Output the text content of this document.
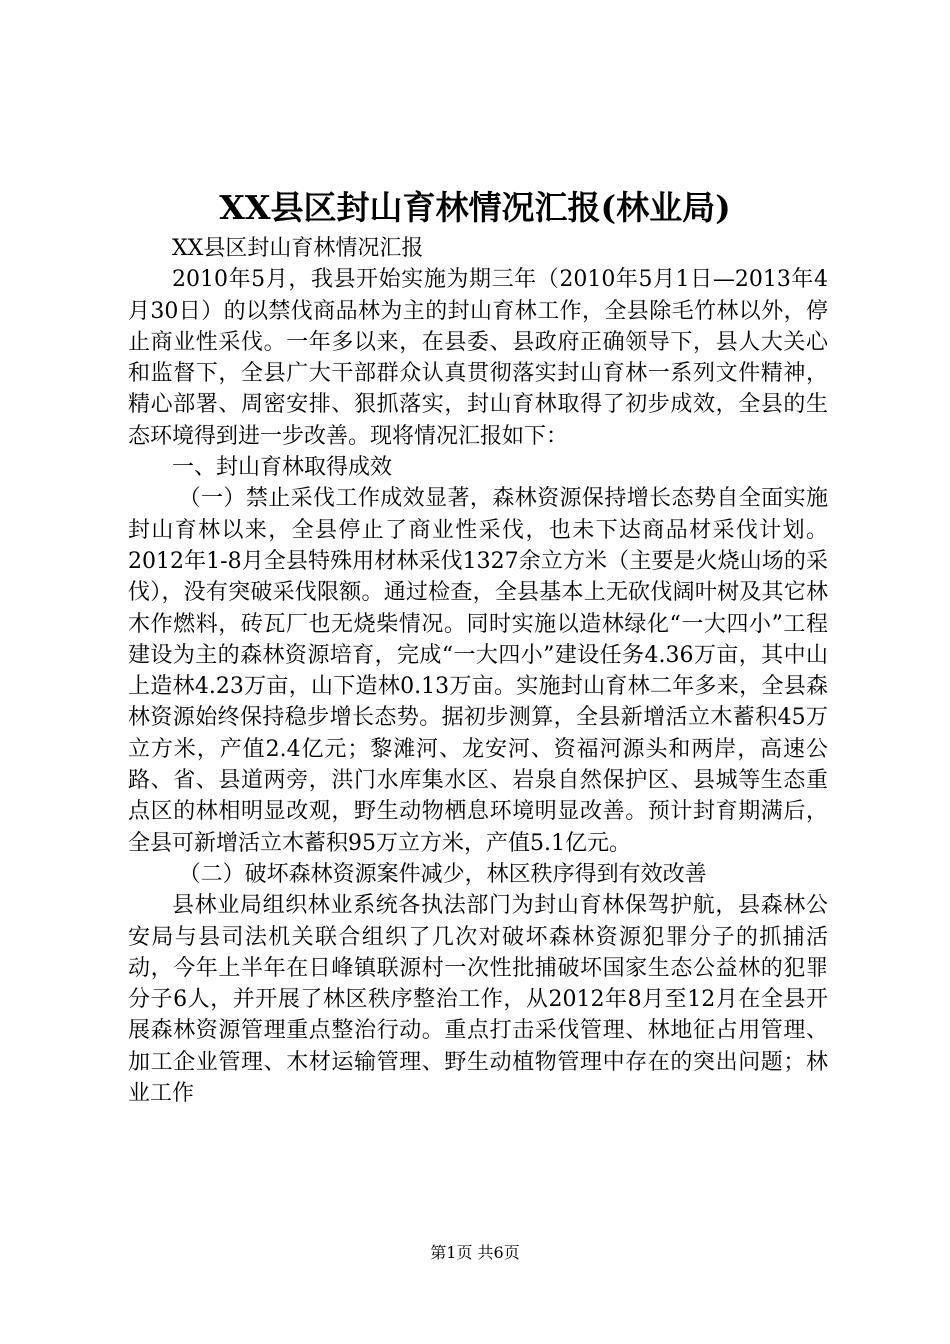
XX县区封山育林情况汇报(林业局)

XX县区封山育林情况汇报

2010年5月，我县开始实施为期三年（2010年5月1日—2013年4月30日）的以禁伐商品林为主的封山育林工作，全县除毛竹林以外，停止商业性采伐。一年多以来，在县委、县政府正确领导下，县人大关心和监督下，全县广大干部群众认真贯彻落实封山育林一系列文件精神，精心部署、周密安排、狠抓落实，封山育林取得了初步成效，全县的生态环境得到进一步改善。现将情况汇报如下：

一、封山育林取得成效

（一）禁止采伐工作成效显著，森林资源保持增长态势自全面实施封山育林以来，全县停止了商业性采伐，也未下达商品材采伐计划。2012年1-8月全县特殊用材林采伐1327余立方米（主要是火烧山场的采伐），没有突破采伐限额。通过检查，全县基本上无砍伐阔叶树及其它林木作燃料，砖瓦厂也无烧柴情况。同时实施以造林绿化“一大四小”工程建设为主的森林资源培育，完成“一大四小”建设任务4.36万亩，其中山上造林4.23万亩，山下造林0.13万亩。实施封山育林二年多来，全县森林资源始终保持稳步增长态势。据初步测算，全县新增活立木蓄积45万立方米，产值2.4亿元；黎滩河、龙安河、资福河源头和两岸，高速公路、省、县道两旁，洪门水库集水区、岩泉自然保护区、县城等生态重点区的林相明显改观，野生动物栖息环境明显改善。预计封育期满后，全县可新增活立木蓄积95万立方米，产值5.1亿元。

（二）破坏森林资源案件减少，林区秩序得到有效改善

县林业局组织林业系统各执法部门为封山育林保驾护航，县森林公安局与县司法机关联合组织了几次对破坏森林资源犯罪分子的抓捕活动，今年上半年在日峰镇联源村一次性批捕破坏国家生态公益林的犯罪分子6人，并开展了林区秩序整治工作，从2012年8月至12月在全县开展森林资源管理重点整治行动。重点打击采伐管理、林地征占用管理、加工企业管理、木材运输管理、野生动植物管理中存在的突出问题；林业工作

第1页 共6页
